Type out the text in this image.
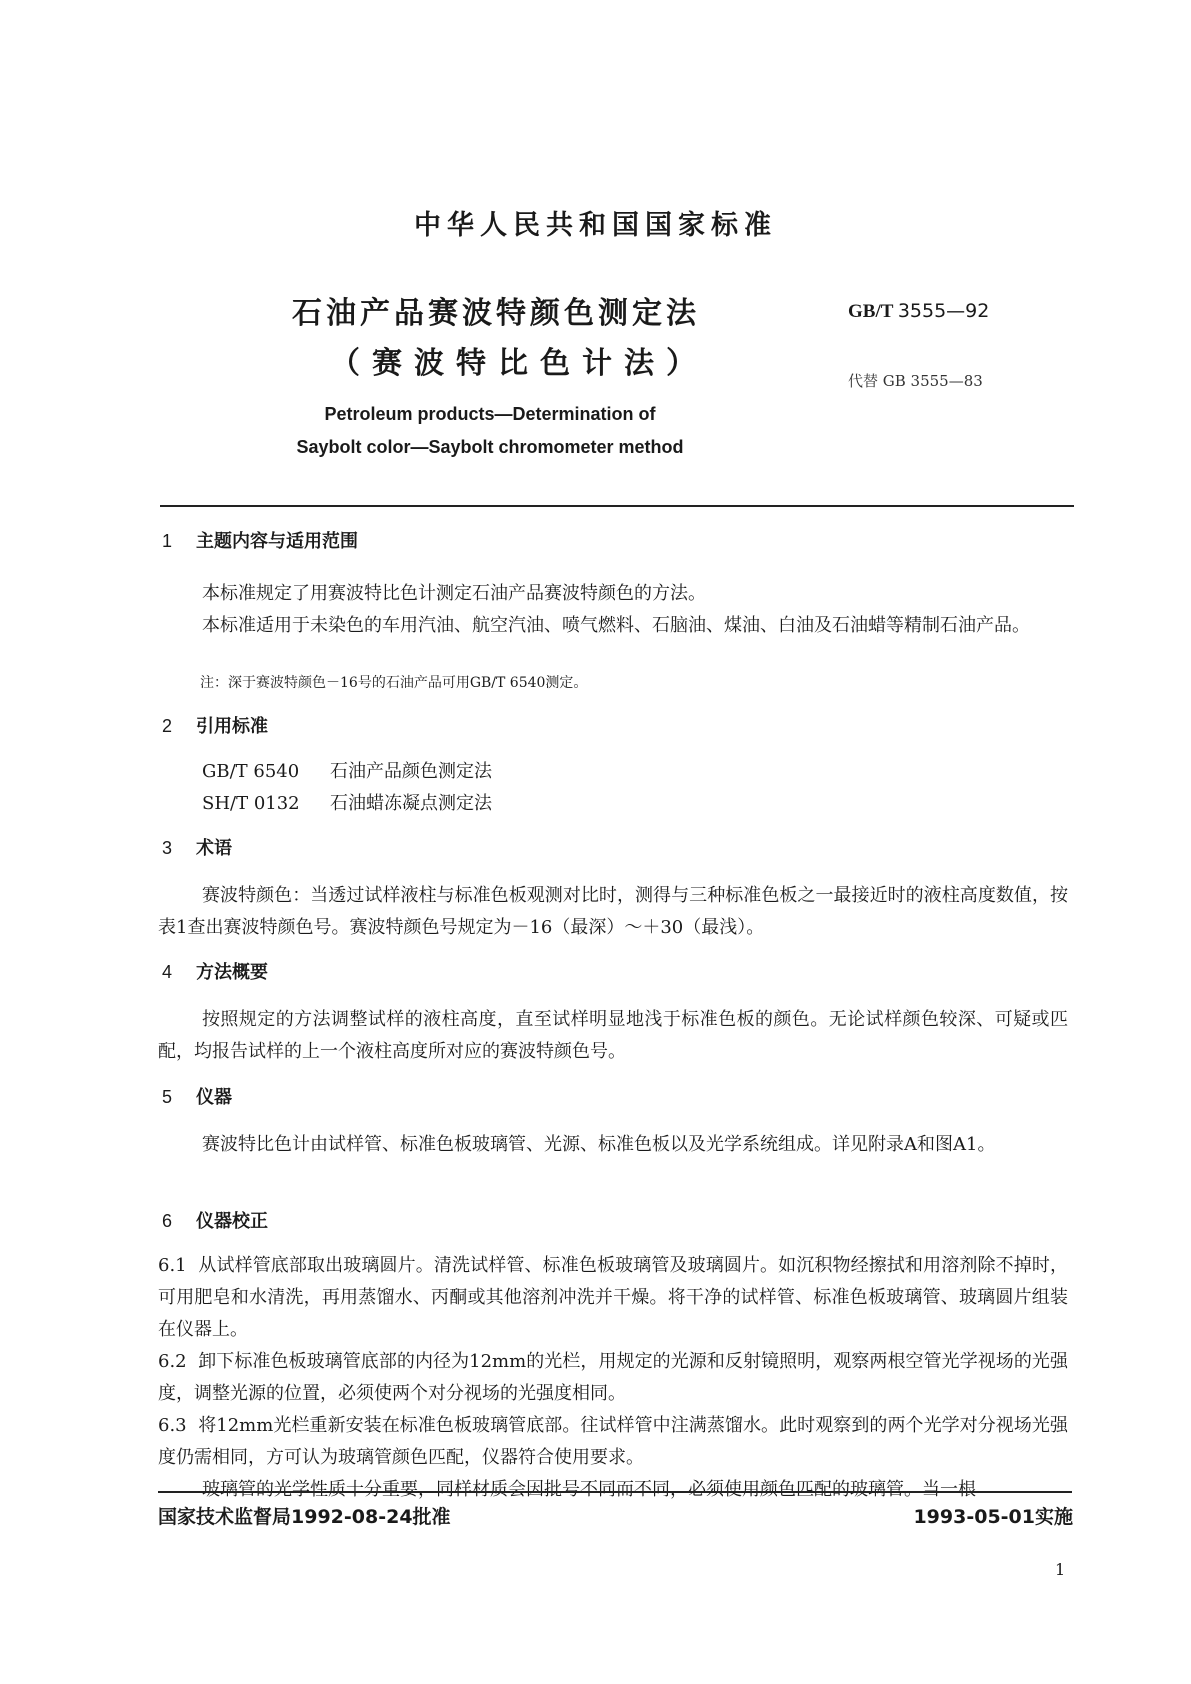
中华人民共和国国家标准
石油产品赛波特颜色测定法
（赛波特比色计法）
GB/T 3555—92
代替 GB 3555—83
Petroleum products—Determination of
Saybolt color—Saybolt chromometer method
1 主题内容与适用范围
本标准规定了用赛波特比色计测定石油产品赛波特颜色的方法。
本标准适用于未染色的车用汽油、航空汽油、喷气燃料、石脑油、煤油、白油及石油蜡等精制石油产品。
注：深于赛波特颜色－16号的石油产品可用GB/T 6540测定。
2 引用标准
GB/T 6540 石油产品颜色测定法
SH/T 0132 石油蜡冻凝点测定法
3 术语
赛波特颜色：当透过试样液柱与标准色板观测对比时，测得与三种标准色板之一最接近时的液柱高度数值，按表1查出赛波特颜色号。赛波特颜色号规定为－16（最深）～＋30（最浅）。
4 方法概要
按照规定的方法调整试样的液柱高度，直至试样明显地浅于标准色板的颜色。无论试样颜色较深、可疑或匹配，均报告试样的上一个液柱高度所对应的赛波特颜色号。
5 仪器
赛波特比色计由试样管、标准色板玻璃管、光源、标准色板以及光学系统组成。详见附录A和图A1。
6 仪器校正
6.1 从试样管底部取出玻璃圆片。清洗试样管、标准色板玻璃管及玻璃圆片。如沉积物经擦拭和用溶剂除不掉时，可用肥皂和水清洗，再用蒸馏水、丙酮或其他溶剂冲洗并干燥。将干净的试样管、标准色板玻璃管、玻璃圆片组装在仪器上。
6.2 卸下标准色板玻璃管底部的内径为12mm的光栏，用规定的光源和反射镜照明，观察两根空管光学视场的光强度，调整光源的位置，必须使两个对分视场的光强度相同。
6.3 将12mm光栏重新安装在标准色板玻璃管底部。往试样管中注满蒸馏水。此时观察到的两个光学对分视场光强度仍需相同，方可认为玻璃管颜色匹配，仪器符合使用要求。
玻璃管的光学性质十分重要，同样材质会因批号不同而不同，必须使用颜色匹配的玻璃管。当一根
国家技术监督局1992-08-24批准	1993-05-01实施
1
